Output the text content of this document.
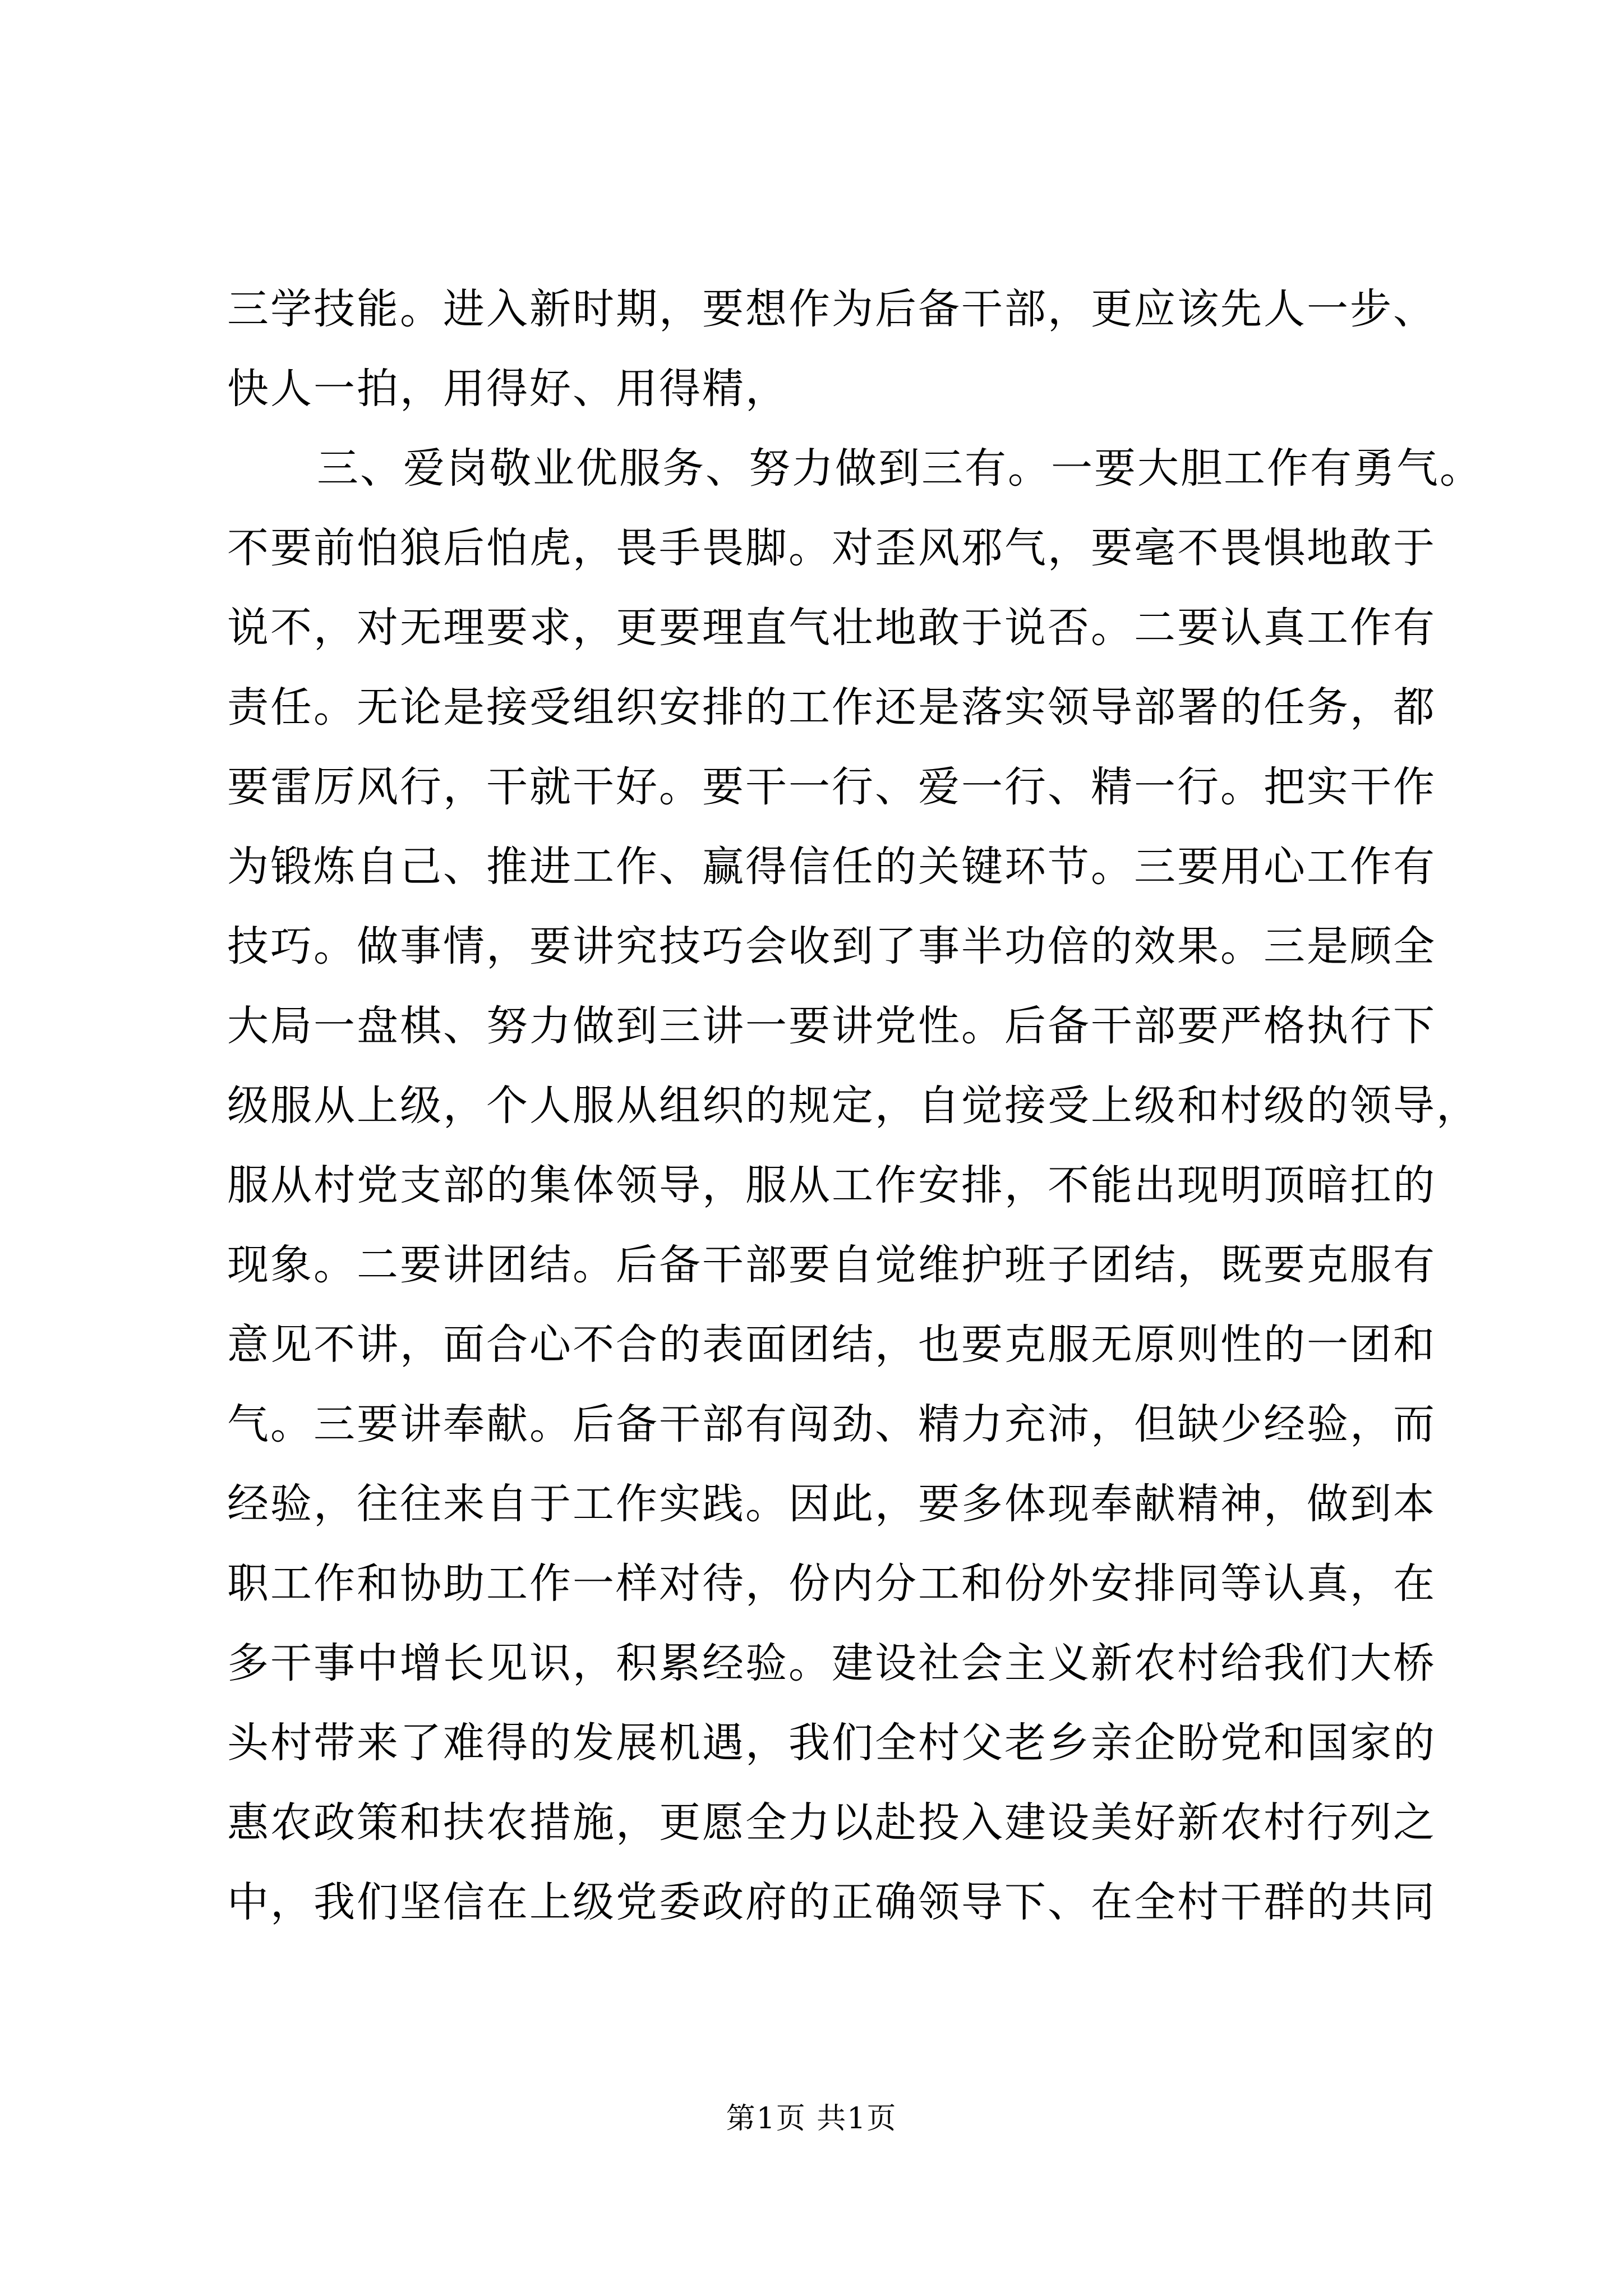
三学技能。进入新时期，要想作为后备干部，更应该先人一步、
快人一拍，用得好、用得精，
三、爱岗敬业优服务、努力做到三有。一要大胆工作有勇气。
不要前怕狼后怕虎，畏手畏脚。对歪风邪气，要毫不畏惧地敢于
说不，对无理要求，更要理直气壮地敢于说否。二要认真工作有
责任。无论是接受组织安排的工作还是落实领导部署的任务，都
要雷厉风行，干就干好。要干一行、爱一行、精一行。把实干作
为锻炼自己、推进工作、赢得信任的关键环节。三要用心工作有
技巧。做事情，要讲究技巧会收到了事半功倍的效果。三是顾全
大局一盘棋、努力做到三讲一要讲党性。后备干部要严格执行下
级服从上级，个人服从组织的规定，自觉接受上级和村级的领导，
服从村党支部的集体领导，服从工作安排，不能出现明顶暗扛的
现象。二要讲团结。后备干部要自觉维护班子团结，既要克服有
意见不讲，面合心不合的表面团结，也要克服无原则性的一团和
气。三要讲奉献。后备干部有闯劲、精力充沛，但缺少经验，而
经验，往往来自于工作实践。因此，要多体现奉献精神，做到本
职工作和协助工作一样对待，份内分工和份外安排同等认真，在
多干事中增长见识，积累经验。建设社会主义新农村给我们大桥
头村带来了难得的发展机遇，我们全村父老乡亲企盼党和国家的
惠农政策和扶农措施，更愿全力以赴投入建设美好新农村行列之
中，我们坚信在上级党委政府的正确领导下、在全村干群的共同
第1页 共1页
